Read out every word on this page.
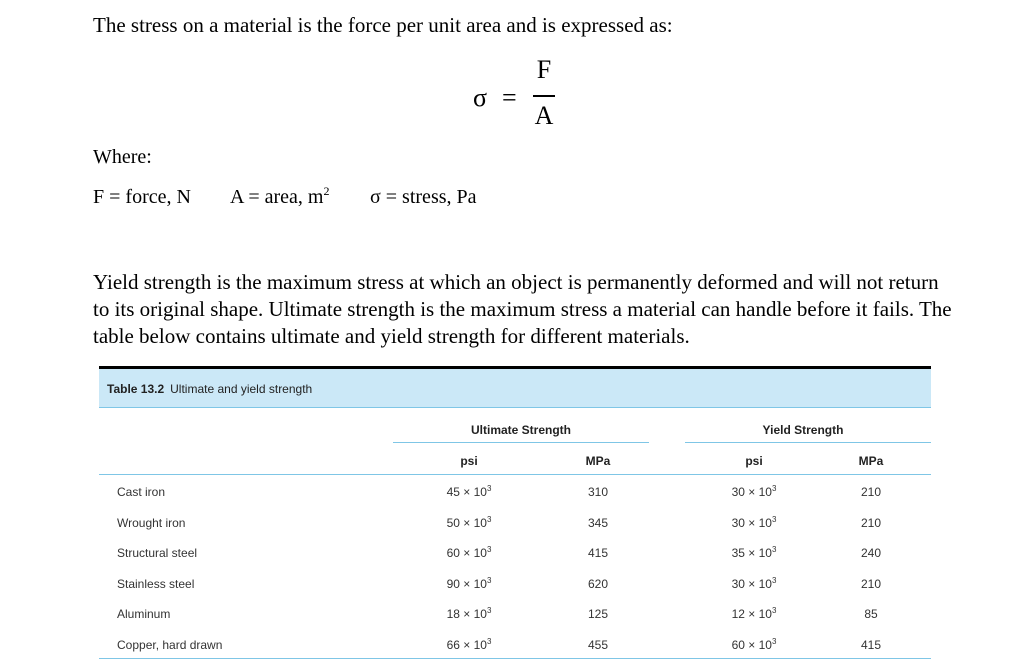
The stress on a material is the force per unit area and is expressed as:
σ =
F
A
Where:
F = force, N A = area, $m^2$ σ = stress, Pa
Yield strength is the maximum stress at which an object is permanently deformed and will not return to its original shape. Ultimate strength is the maximum stress a material can handle before it fails. The table below contains ultimate and yield strength for different materials.
Table 13.2 Ultimate and yield strength
Ultimate Strength	Yield Strength
psi	MPa	psi	MPa
Cast iron	$45 \times 10^3$	310	$30 \times 10^3$	210
Wrought iron	$50 \times 10^3$	345	$30 \times 10^3$	210
Structural steel	$60 \times 10^3$	415	$35 \times 10^3$	240
Stainless steel	$90 \times 10^3$	620	$30 \times 10^3$	210
Aluminum	$18 \times 10^3$	125	$12 \times 10^3$	85
Copper, hard drawn	$66 \times 10^3$	455	$60 \times 10^3$	415
